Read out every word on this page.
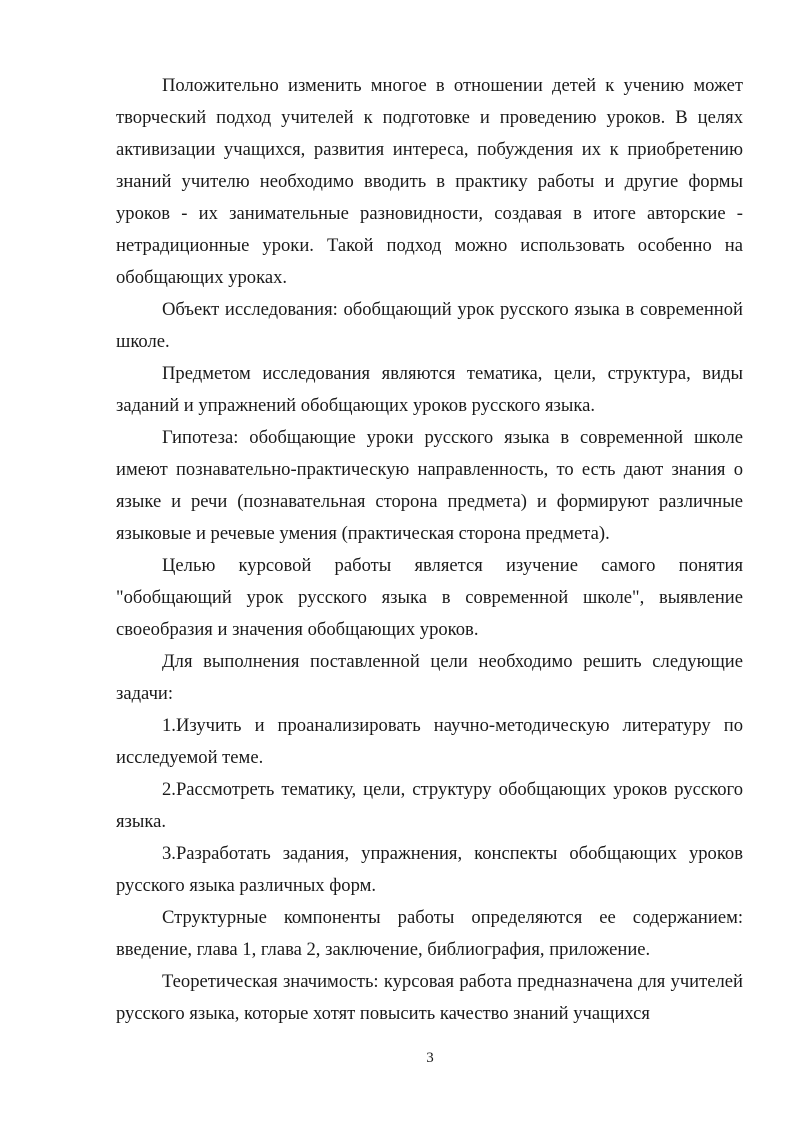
Положительно изменить многое в отношении детей к учению может творческий подход учителей к подготовке и проведению уроков. В целях активизации учащихся, развития интереса, побуждения их к приобретению знаний учителю необходимо вводить в практику работы и другие формы уроков - их занимательные разновидности, создавая в итоге авторские - нетрадиционные уроки. Такой подход можно использовать особенно на обобщающих уроках.

Объект исследования: обобщающий урок русского языка в современной школе.

Предметом исследования являются тематика, цели, структура, виды заданий и упражнений обобщающих уроков русского языка.

Гипотеза: обобщающие уроки русского языка в современной школе имеют познавательно-практическую направленность, то есть дают знания о языке и речи (познавательная сторона предмета) и формируют различные языковые и речевые умения (практическая сторона предмета).

Целью курсовой работы является изучение самого понятия "обобщающий урок русского языка в современной школе", выявление своеобразия и значения обобщающих уроков.

Для выполнения поставленной цели необходимо решить следующие задачи:

1.Изучить и проанализировать научно-методическую литературу по исследуемой теме.

2.Рассмотреть тематику, цели, структуру обобщающих уроков русского языка.

3.Разработать задания, упражнения, конспекты обобщающих уроков русского языка различных форм.

Структурные компоненты работы определяются ее содержанием: введение, глава 1, глава 2, заключение, библиография, приложение.

Теоретическая значимость: курсовая работа предназначена для учителей русского языка, которые хотят повысить качество знаний учащихся

3
